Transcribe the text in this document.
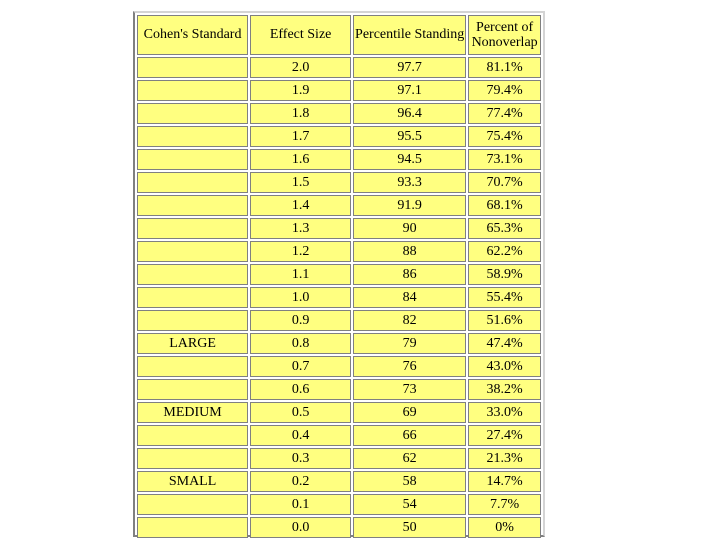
Cohen's Standard	Effect Size	Percentile Standing	Percent of
Nonoverlap

	2.0	97.7	81.1%
	1.9	97.1	79.4%
	1.8	96.4	77.4%
	1.7	95.5	75.4%
	1.6	94.5	73.1%
	1.5	93.3	70.7%
	1.4	91.9	68.1%
	1.3	90	65.3%
	1.2	88	62.2%
	1.1	86	58.9%
	1.0	84	55.4%
	0.9	82	51.6%
LARGE	0.8	79	47.4%
	0.7	76	43.0%
	0.6	73	38.2%
MEDIUM	0.5	69	33.0%
	0.4	66	27.4%
	0.3	62	21.3%
SMALL	0.2	58	14.7%
	0.1	54	7.7%
	0.0	50	0%
